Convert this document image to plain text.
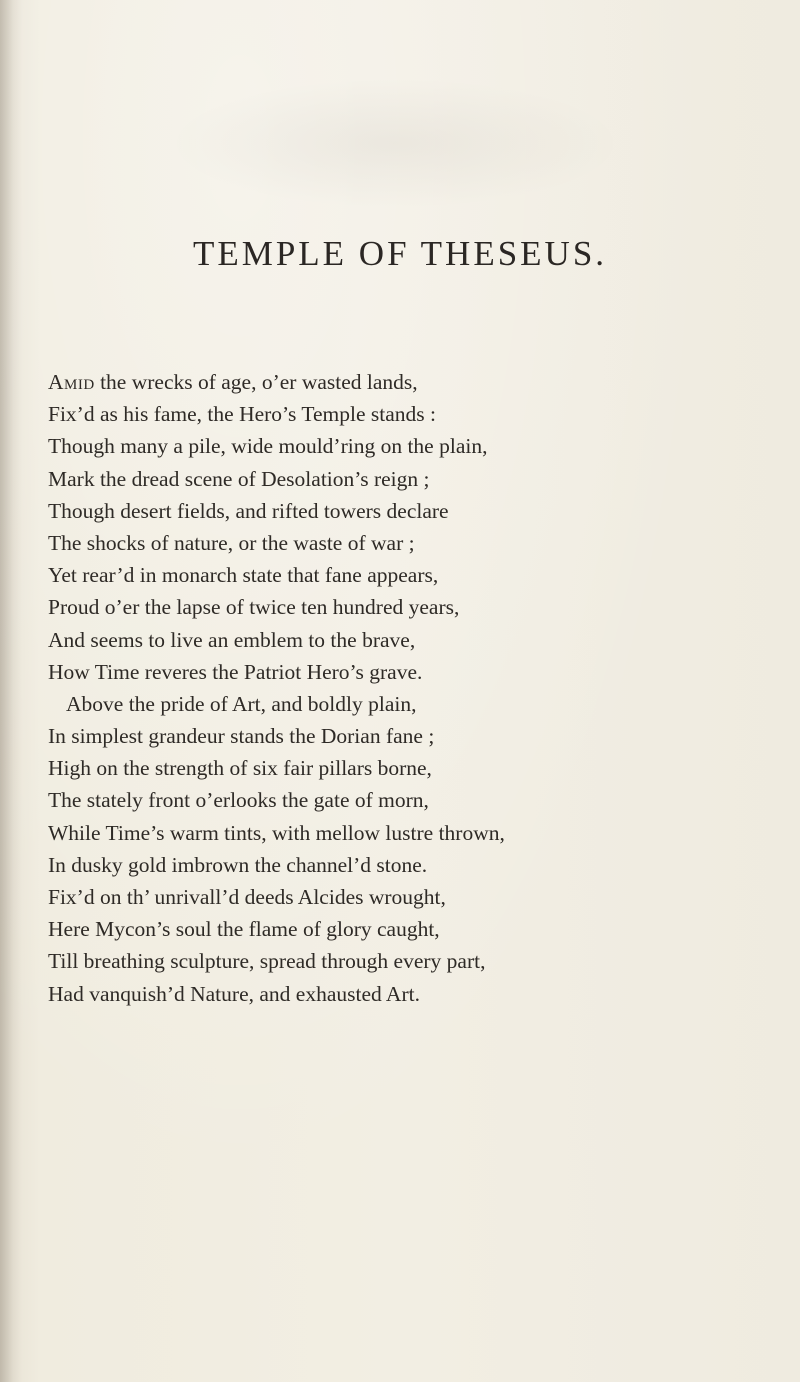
TEMPLE OF THESEUS.
Amid the wrecks of age, o’er wasted lands,
Fix’d as his fame, the Hero’s Temple stands :
Though many a pile, wide mould’ring on the plain,
Mark the dread scene of Desolation’s reign ;
Though desert fields, and rifted towers declare
The shocks of nature, or the waste of war ;
Yet rear’d in monarch state that fane appears,
Proud o’er the lapse of twice ten hundred years,
And seems to live an emblem to the brave,
How Time reveres the Patriot Hero’s grave.
Above the pride of Art, and boldly plain,
In simplest grandeur stands the Dorian fane ;
High on the strength of six fair pillars borne,
The stately front o’erlooks the gate of morn,
While Time’s warm tints, with mellow lustre thrown,
In dusky gold imbrown the channel’d stone.
Fix’d on th’ unrivall’d deeds Alcides wrought,
Here Mycon’s soul the flame of glory caught,
Till breathing sculpture, spread through every part,
Had vanquish’d Nature, and exhausted Art.
